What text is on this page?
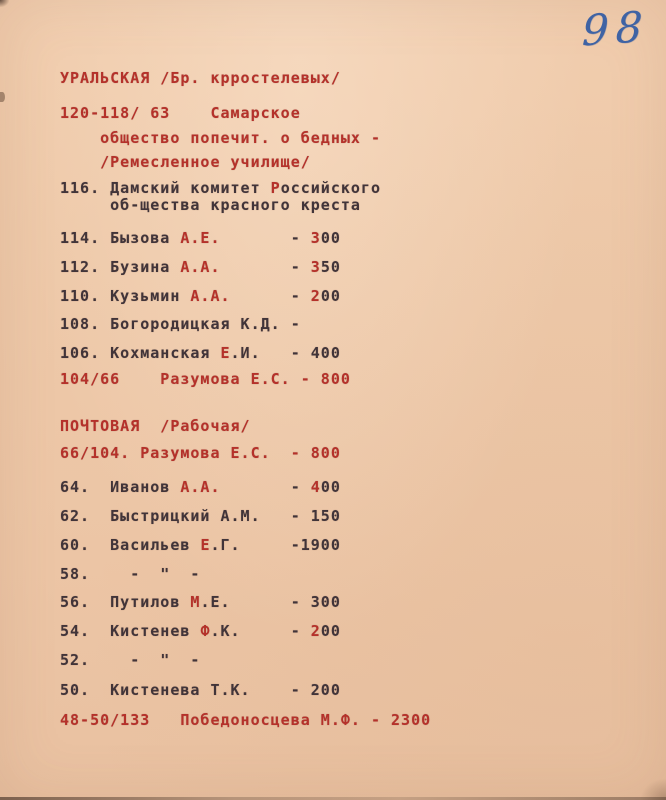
98
УРАЛЬСКАЯ /Бр. крростелевых/
120-118/ 63    Самарское
общество попечит. о бедных -
/Ремесленное училище/
116. Дамский комитет Российского
об-щества красного креста
114. Бызова А.Е.       - 300
112. Бузина А.А.       - 350
110. Кузьмин А.А.      - 200
108. Богородицкая К.Д. -
106. Кохманская Е.И.   - 400
104/66    Разумова Е.С. - 800
ПОЧТОВАЯ  /Рабочая/
66/104. Разумова Е.С.  - 800
64.  Иванов А.А.       - 400
62.  Быстрицкий А.М.   - 150
60.  Васильев Е.Г.     -1900
58.    -  "  -
56.  Путилов М.Е.      - 300
54.  Кистенев Ф.К.     - 200
52.    -  "  -
50.  Кистенева Т.К.    - 200
48-50/133   Победоносцева М.Ф. - 2300
